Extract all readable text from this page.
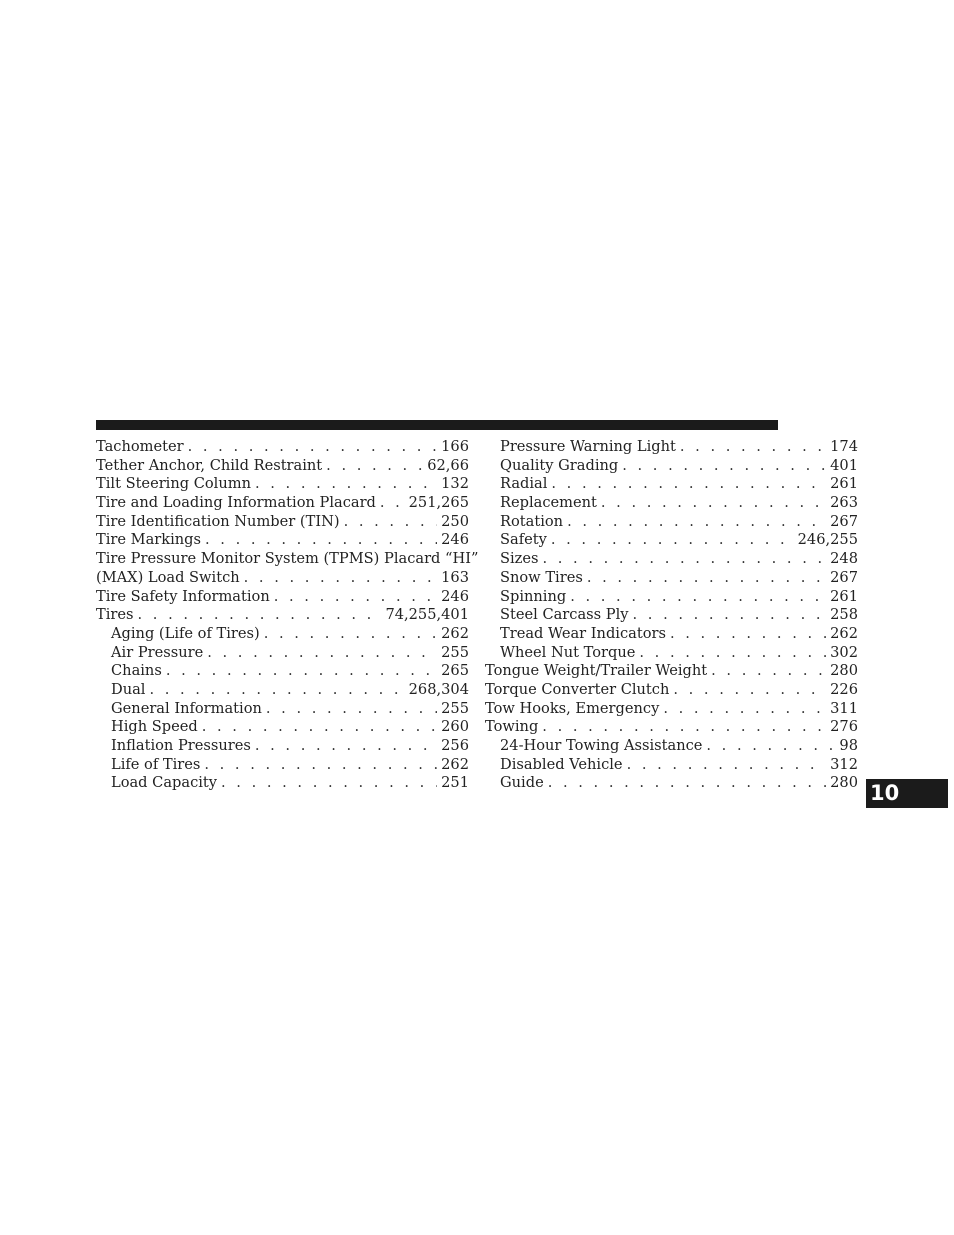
Tachometer . . .	166
Tether Anchor, Child Restraint . . .	62,66
Tilt Steering Column . . .	132
Tire and Loading Information Placard . . . 251,265
Tire Identification Number (TIN) . . .	250
Tire Markings . . .	246
Tire Pressure Monitor System (TPMS) Placard “HI”
(MAX) Load Switch . . .	163
Tire Safety Information . . .	246
Tires . . .	74,255,401
Aging (Life of Tires) . . .	262
Air Pressure . . .	255
Chains . . .	265
Dual . . .	268,304
General Information . . .	255
High Speed . . .	260
Inflation Pressures . . .	256
Life of Tires . . .	262
Load Capacity . . .	251
Pressure Warning Light . . .	174
Quality Grading . . .	401
Radial . . .	261
Replacement . . .	263
Rotation . . .	267
Safety . . .	246,255
Sizes . . .	248
Snow Tires . . .	267
Spinning . . .	261
Steel Carcass Ply . . .	258
Tread Wear Indicators . . .	262
Wheel Nut Torque . . .	302
Tongue Weight/Trailer Weight . . .	280
Torque Converter Clutch . . .	226
Tow Hooks, Emergency . . .	311
Towing . . .	276
24-Hour Towing Assistance . . .	98
Disabled Vehicle . . .	312
Guide . . .	280 10
